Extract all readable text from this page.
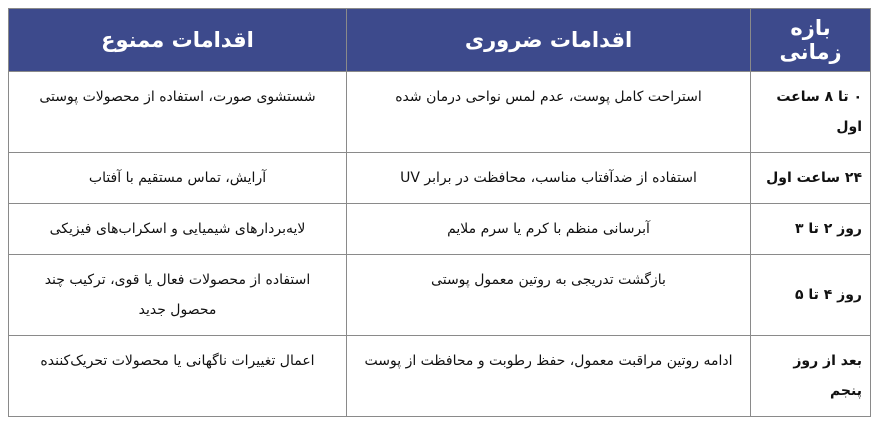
بازه زمانی	اقدامات ضروری	اقدامات ممنوع
۰ تا ۸ ساعت اول	استراحت کامل پوست، عدم لمس نواحی درمان شده	شستشوی صورت، استفاده از محصولات پوستی
۲۴ ساعت اول	استفاده از ضدآفتاب مناسب، محافظت در برابر UV	آرایش، تماس مستقیم با آفتاب
روز ۲ تا ۳	آبرسانی منظم با کرم یا سرم ملایم	لایه‌بردارهای شیمیایی و اسکراب‌های فیزیکی
روز ۴ تا ۵	بازگشت تدریجی به روتین معمول پوستی	استفاده از محصولات فعال یا قوی، ترکیب چند محصول جدید
بعد از روز پنجم	ادامه روتین مراقبت معمول، حفظ رطوبت و محافظت از پوست	اعمال تغییرات ناگهانی یا محصولات تحریک‌کننده
